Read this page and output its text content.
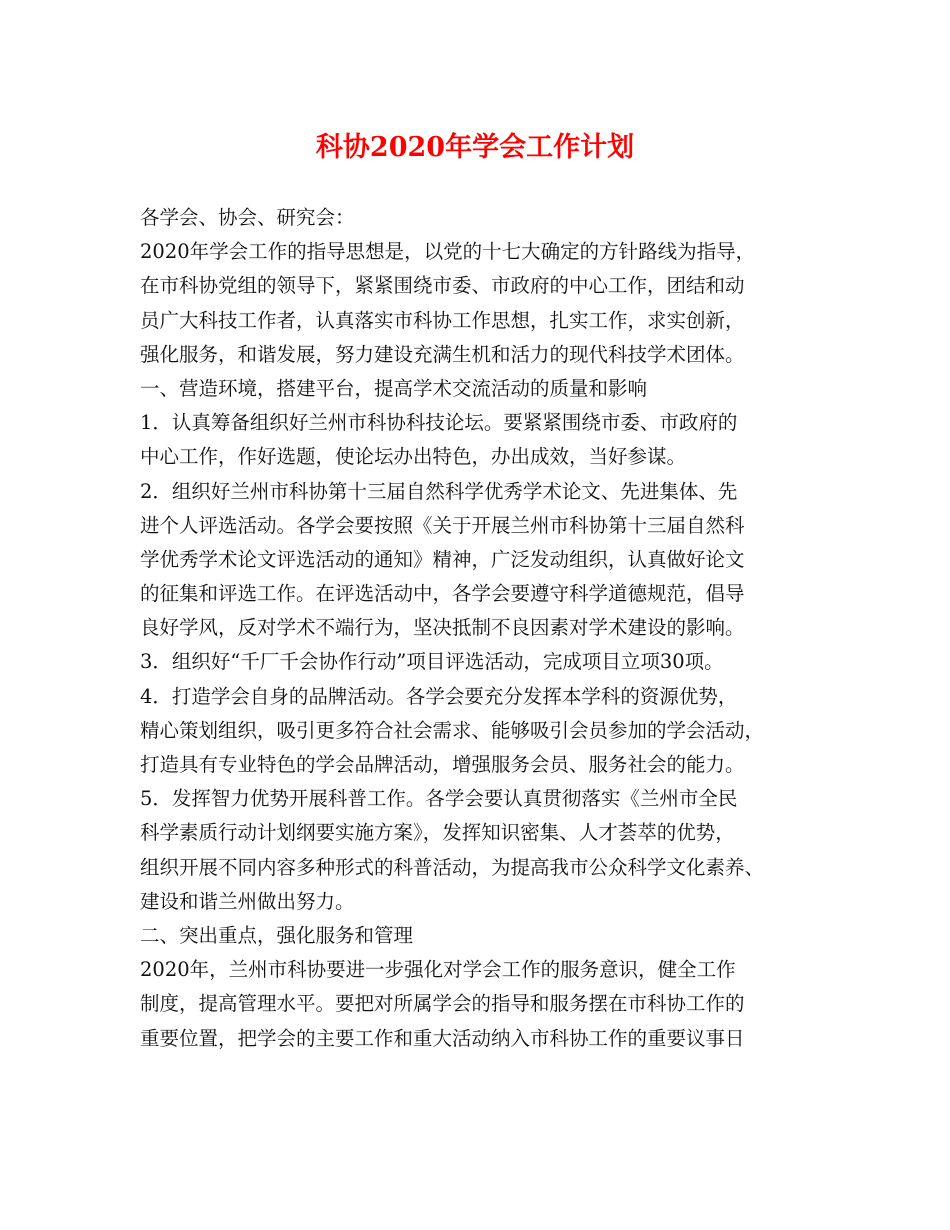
科协2020年学会工作计划
各学会、协会、研究会：
2020年学会工作的指导思想是，以党的十七大确定的方针路线为指导，
在市科协党组的领导下，紧紧围绕市委、市政府的中心工作，团结和动
员广大科技工作者，认真落实市科协工作思想，扎实工作，求实创新，
强化服务，和谐发展，努力建设充满生机和活力的现代科技学术团体。
一、营造环境，搭建平台，提高学术交流活动的质量和影响
1．认真筹备组织好兰州市科协科技论坛。要紧紧围绕市委、市政府的
中心工作，作好选题，使论坛办出特色，办出成效，当好参谋。
2．组织好兰州市科协第十三届自然科学优秀学术论文、先进集体、先
进个人评选活动。各学会要按照《关于开展兰州市科协第十三届自然科
学优秀学术论文评选活动的通知》精神，广泛发动组织，认真做好论文
的征集和评选工作。在评选活动中，各学会要遵守科学道德规范，倡导
良好学风，反对学术不端行为，坚决抵制不良因素对学术建设的影响。
3．组织好“千厂千会协作行动”项目评选活动，完成项目立项30项。
4．打造学会自身的品牌活动。各学会要充分发挥本学科的资源优势，
精心策划组织，吸引更多符合社会需求、能够吸引会员参加的学会活动，
打造具有专业特色的学会品牌活动，增强服务会员、服务社会的能力。
5．发挥智力优势开展科普工作。各学会要认真贯彻落实《兰州市全民
科学素质行动计划纲要实施方案》，发挥知识密集、人才荟萃的优势，
组织开展不同内容多种形式的科普活动，为提高我市公众科学文化素养、
建设和谐兰州做出努力。
二、突出重点，强化服务和管理
2020年，兰州市科协要进一步强化对学会工作的服务意识，健全工作
制度，提高管理水平。要把对所属学会的指导和服务摆在市科协工作的
重要位置，把学会的主要工作和重大活动纳入市科协工作的重要议事日
